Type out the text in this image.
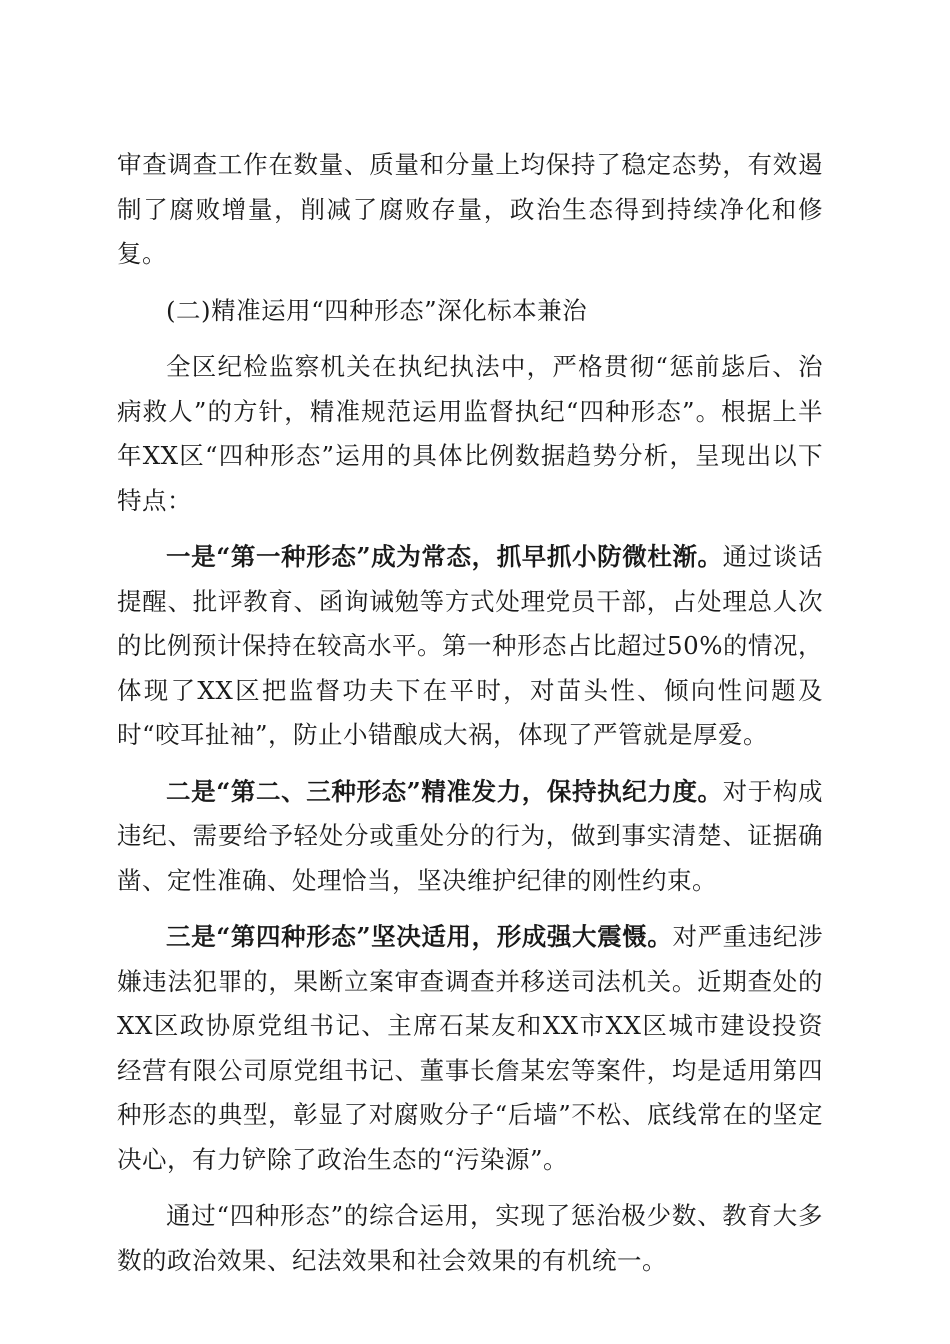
审查调查工作在数量、质量和分量上均保持了稳定态势，有效遏制了腐败增量，削减了腐败存量，政治生态得到持续净化和修复。

(二)精准运用“四种形态”深化标本兼治

全区纪检监察机关在执纪执法中，严格贯彻“惩前毖后、治病救人”的方针，精准规范运用监督执纪“四种形态”。根据上半年XX区“四种形态”运用的具体比例数据趋势分析，呈现出以下特点：

一是“第一种形态”成为常态，抓早抓小防微杜渐。通过谈话提醒、批评教育、函询诫勉等方式处理党员干部，占处理总人次的比例预计保持在较高水平。第一种形态占比超过50%的情况，体现了XX区把监督功夫下在平时，对苗头性、倾向性问题及时“咬耳扯袖”，防止小错酿成大祸，体现了严管就是厚爱。

二是“第二、三种形态”精准发力，保持执纪力度。对于构成违纪、需要给予轻处分或重处分的行为，做到事实清楚、证据确凿、定性准确、处理恰当，坚决维护纪律的刚性约束。

三是“第四种形态”坚决适用，形成强大震慑。对严重违纪涉嫌违法犯罪的，果断立案审查调查并移送司法机关。近期查处的XX区政协原党组书记、主席石某友和XX市XX区城市建设投资经营有限公司原党组书记、董事长詹某宏等案件，均是适用第四种形态的典型，彰显了对腐败分子“后墙”不松、底线常在的坚定决心，有力铲除了政治生态的“污染源”。

通过“四种形态”的综合运用，实现了惩治极少数、教育大多数的政治效果、纪法效果和社会效果的有机统一。
